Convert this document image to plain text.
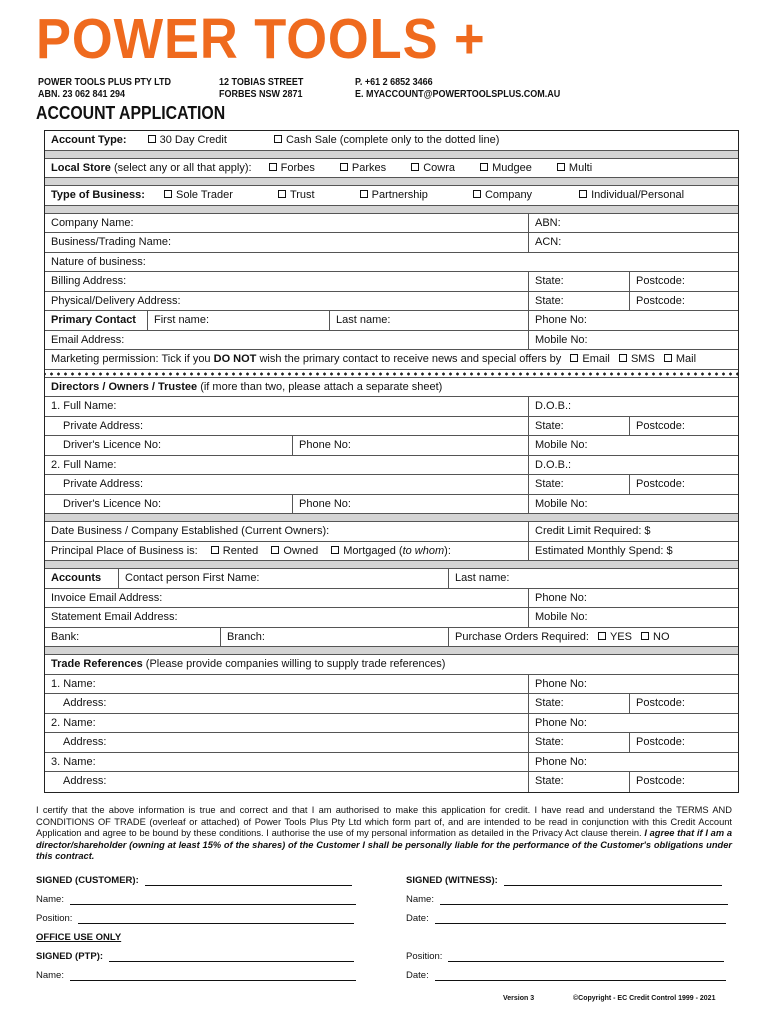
POWER TOOLS +
POWER TOOLS PLUS PTY LTD
ABN. 23 062 841 294
12 TOBIAS STREET
FORBES NSW 2871
P. +61 2 6852 3466
E. MYACCOUNT@POWERTOOLSPLUS.COM.AU
ACCOUNT APPLICATION
Account Type:	30 Day Credit	Cash Sale (complete only to the dotted line)
Local Store (select any or all that apply):	Forbes	Parkes	Cowra	Mudgee	Multi
Type of Business:	Sole Trader	Trust	Partnership	Company	Individual/Personal
Company Name:	ABN:
Business/Trading Name:	ACN:
Nature of business:
Billing Address:	State:	Postcode:
Physical/Delivery Address:	State:	Postcode:
Primary Contact	First name:	Last name:	Phone No:
Email Address:	Mobile No:
Marketing permission: Tick if you DO NOT wish the primary contact to receive news and special offers by Email SMS Mail
Directors / Owners / Trustee (if more than two, please attach a separate sheet)
1. Full Name:	D.O.B.:
Private Address:	State:	Postcode:
Driver's Licence No:	Phone No:	Mobile No:
2. Full Name:	D.O.B.:
Private Address:	State:	Postcode:
Driver's Licence No:	Phone No:	Mobile No:
Date Business / Company Established (Current Owners):	Credit Limit Required: $
Principal Place of Business is: Rented Owned Mortgaged (to whom):	Estimated Monthly Spend: $
Accounts	Contact person First Name:	Last name:
Invoice Email Address:	Phone No:
Statement Email Address:	Mobile No:
Bank:	Branch:	Purchase Orders Required: YES NO
Trade References (Please provide companies willing to supply trade references)
1. Name:	Phone No:
Address:	State:	Postcode:
2. Name:	Phone No:
Address:	State:	Postcode:
3. Name:	Phone No:
Address:	State:	Postcode:
I certify that the above information is true and correct and that I am authorised to make this application for credit. I have read and understand the TERMS AND CONDITIONS OF TRADE (overleaf or attached) of Power Tools Plus Pty Ltd which form part of, and are intended to be read in conjunction with this Credit Account Application and agree to be bound by these conditions. I authorise the use of my personal information as detailed in the Privacy Act clause therein. I agree that if I am a director/shareholder (owning at least 15% of the shares) of the Customer I shall be personally liable for the performance of the Customer's obligations under this contract.
SIGNED (CUSTOMER):	SIGNED (WITNESS):
Name:	Name:
Position:	Date:
OFFICE USE ONLY
SIGNED (PTP):	Position:
Name:	Date:
Version 3	©Copyright - EC Credit Control 1999 - 2021
